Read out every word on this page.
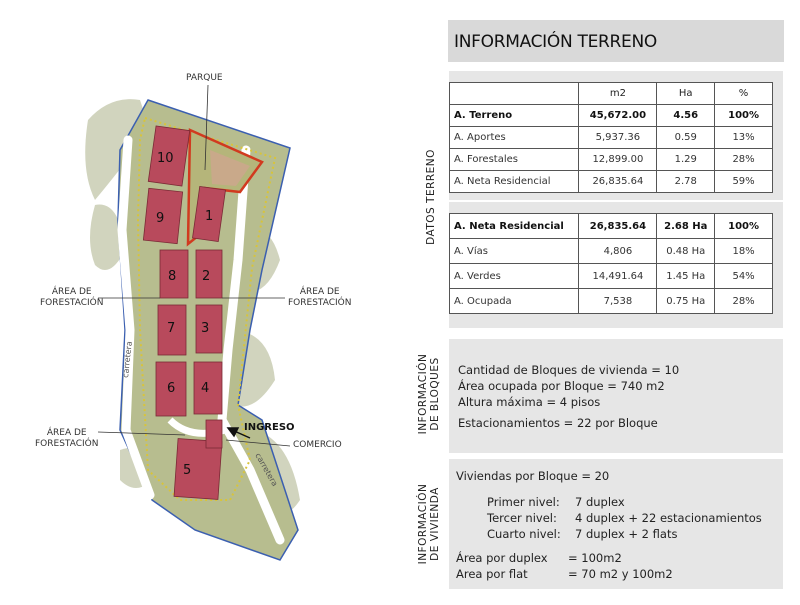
10
9	1
8 2
7 3
6 4
5
carretera
carretera
PARQUE
ÁREA DE
FORESTACIÓN
ÁREA DE
FORESTACIÓN
ÁREA DE
FORESTACIÓN
INGRESO
COMERCIO
INFORMACIÓN TERRENO
DATOS TERRENO
	m2	Ha	%
A. Terreno	45,672.00	4.56	100%
A. Aportes	5,937.36	0.59	13%
A. Forestales	12,899.00	1.29	28%
A. Neta Residencial	26,835.64	2.78	59%
A. Neta Residencial	26,835.64	2.68 Ha	100%
A. Vías	4,806	0.48 Ha	18%
A. Verdes	14,491.64	1.45 Ha	54%
A. Ocupada	7,538	0.75 Ha	28%
INFORMACIÓN DE BLOQUES Cantidad de Bloques de vivienda = 10
Área ocupada por Bloque = 740 m2
Altura máxima = 4 pisos
Estacionamientos = 22 por Bloque
INFORMACIÓN DE VIVIENDA
Viviendas por Bloque = 20
Primer nivel: 7 duplex
Tercer nivel: 4 duplex + 22 estacionamientos
Cuarto nivel: 7 duplex + 2 flats
Área por duplex = 100m2
Area por flat	= 70 m2 y 100m2
